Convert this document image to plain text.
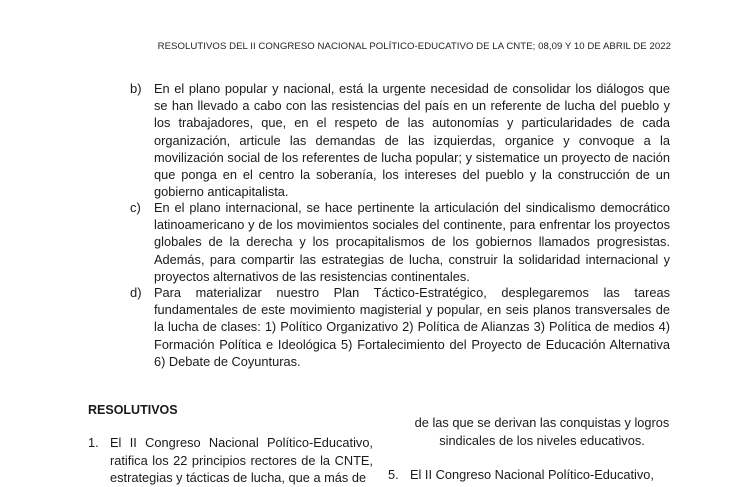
RESOLUTIVOS DEL II CONGRESO NACIONAL POLÍTICO-EDUCATIVO DE LA CNTE; 08,09 Y 10 DE ABRIL DE 2022
b) En el plano popular y nacional, está la urgente necesidad de consolidar los diálogos que se han llevado a cabo con las resistencias del país en un referente de lucha del pueblo y los trabajadores, que, en el respeto de las autonomías y particularidades de cada organización, articule las demandas de las izquierdas, organice y convoque a la movilización social de los referentes de lucha popular; y sistematice un proyecto de nación que ponga en el centro la soberanía, los intereses del pueblo y la construcción de un gobierno anticapitalista.
c) En el plano internacional, se hace pertinente la articulación del sindicalismo democrático latinoamericano y de los movimientos sociales del continente, para enfrentar los proyectos globales de la derecha y los procapitalismos de los gobiernos llamados progresistas. Además, para compartir las estrategias de lucha, construir la solidaridad internacional y proyectos alternativos de las resistencias continentales.
d) Para materializar nuestro Plan Táctico-Estratégico, desplegaremos las tareas fundamentales de este movimiento magisterial y popular, en seis planos transversales de la lucha de clases: 1) Político Organizativo 2) Política de Alianzas 3) Política de medios 4) Formación Política e Ideológica 5) Fortalecimiento del Proyecto de Educación Alternativa 6) Debate de Coyunturas.
RESOLUTIVOS
1. El II Congreso Nacional Político-Educativo, ratifica los 22 principios rectores de la CNTE, estrategias y tácticas de lucha, que a más de
de las que se derivan las conquistas y logros sindicales de los niveles educativos.
5. El II Congreso Nacional Político-Educativo,
